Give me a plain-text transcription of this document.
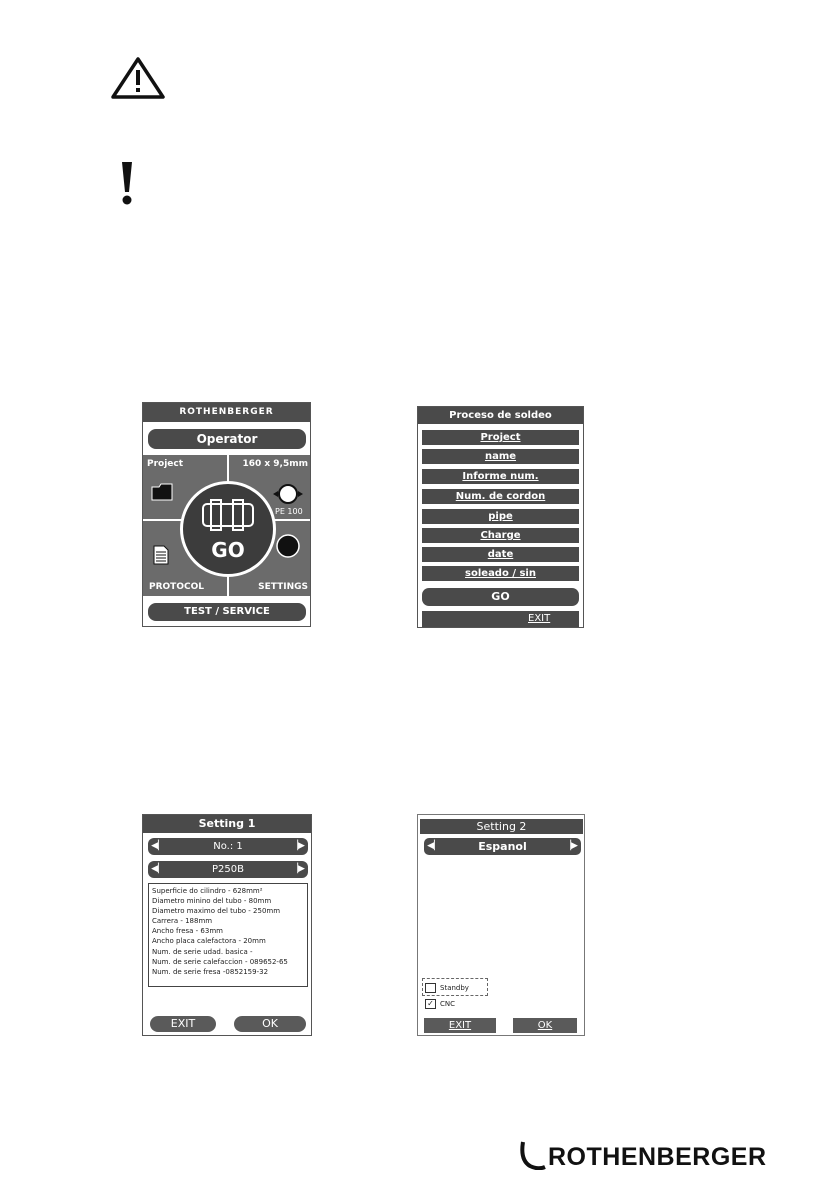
ROTHENBERGER
Operator
Project	160 x 9,5mm
PE 100
PROTOCOL	SETTINGS
GO
TEST / SERVICE
Proceso de soldeo
Project
name
Informe num.
Num. de cordon
pipe
Charge
date
soleado / sin
GO
EXIT
Setting 1
◀▏	No.: 1	▕▶
◀▏	P250B	▕▶
Superficie do cilindro - 628mm²
Diametro minino del tubo - 80mm
Diametro maximo del tubo - 250mm
Carrera - 188mm
Ancho fresa - 63mm
Ancho placa calefactora - 20mm
Num. de serie udad. basica -
Num. de serie calefaccion - 089652-65
Num. de serie fresa -0852159-32
EXIT	OK
Setting 2
◀▏	Espanol	▕▶
Standby
✓ CNC
EXIT	OK
ROTHENBERGER
